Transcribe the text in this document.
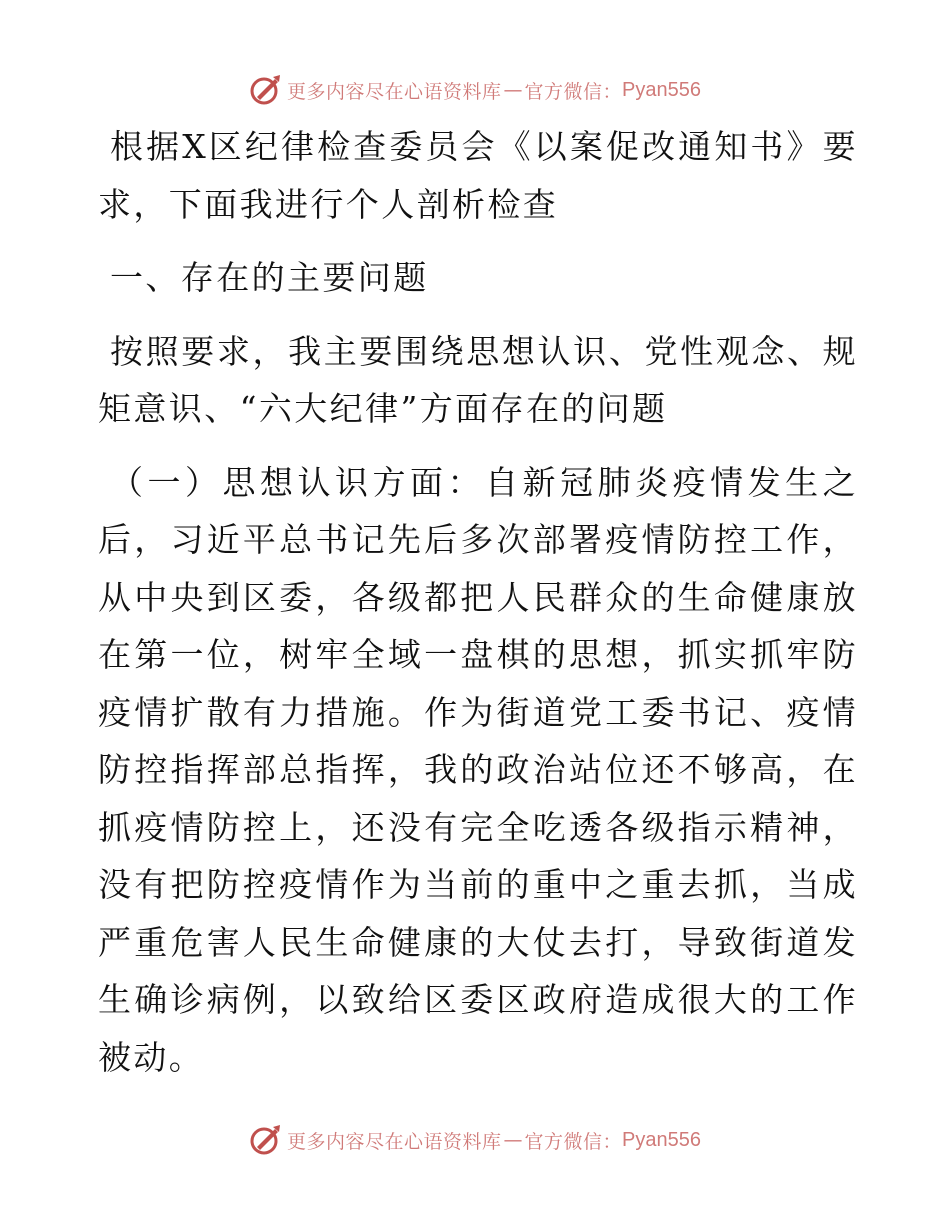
更多内容尽在心语资料库 — 官方微信： Pyan556

根据X区纪律检查委员会《以案促改通知书》要求，下面我进行个人剖析检查

一、存在的主要问题

按照要求，我主要围绕思想认识、党性观念、规矩意识、“六大纪律”方面存在的问题

（一）思想认识方面：自新冠肺炎疫情发生之后，习近平总书记先后多次部署疫情防控工作，从中央到区委，各级都把人民群众的生命健康放在第一位，树牢全域一盘棋的思想，抓实抓牢防疫情扩散有力措施。作为街道党工委书记、疫情防控指挥部总指挥，我的政治站位还不够高，在抓疫情防控上，还没有完全吃透各级指示精神，没有把防控疫情作为当前的重中之重去抓，当成严重危害人民生命健康的大仗去打，导致街道发生确诊病例，以致给区委区政府造成很大的工作被动。

更多内容尽在心语资料库 — 官方微信： Pyan556
